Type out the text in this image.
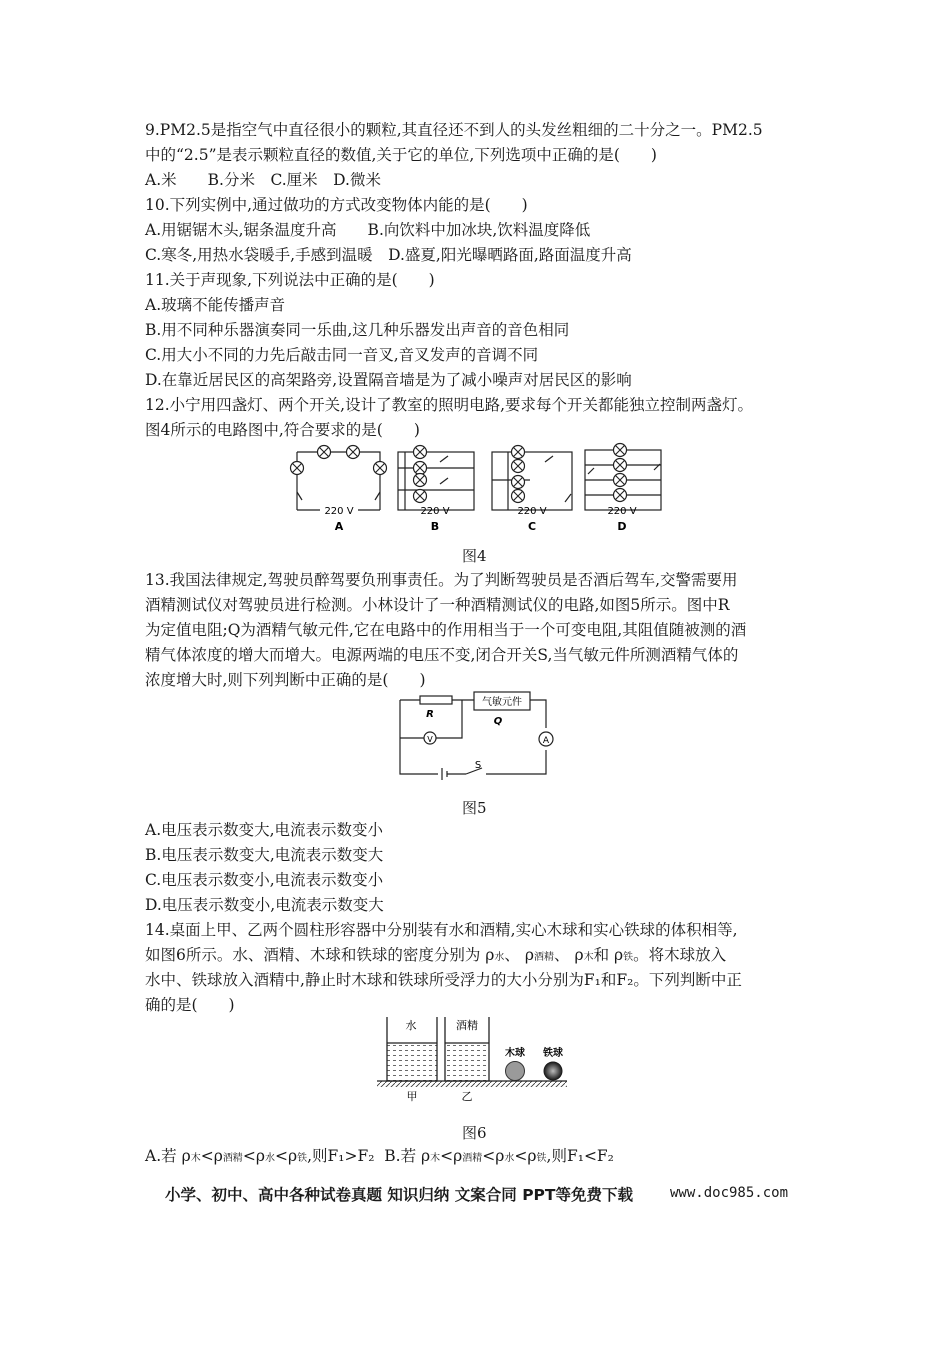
9.PM2.5是指空气中直径很小的颗粒,其直径还不到人的头发丝粗细的二十分之一。PM2.5
中的“2.5”是表示颗粒直径的数值,关于它的单位,下列选项中正确的是(　　)
A.米　　B.分米　C.厘米　D.微米
10.下列实例中,通过做功的方式改变物体内能的是(　　)
A.用锯锯木头,锯条温度升高　　B.向饮料中加冰块,饮料温度降低
C.寒冬,用热水袋暖手,手感到温暖　D.盛夏,阳光曝晒路面,路面温度升高
11.关于声现象,下列说法中正确的是(　　)
A.玻璃不能传播声音
B.用不同种乐器演奏同一乐曲,这几种乐器发出声音的音色相同
C.用大小不同的力先后敲击同一音叉,音叉发声的音调不同
D.在靠近居民区的高架路旁,设置隔音墙是为了减小噪声对居民区的影响
12.小宁用四盏灯、两个开关,设计了教室的照明电路,要求每个开关都能独立控制两盏灯。
图4所示的电路图中,符合要求的是(　　)
220 V
A
220 V
B
220 V
C
220 V
D
图4
13.我国法律规定,驾驶员醉驾要负刑事责任。为了判断驾驶员是否酒后驾车,交警需要用
酒精测试仪对驾驶员进行检测。小林设计了一种酒精测试仪的电路,如图5所示。图中R
为定值电阻;Q为酒精气敏元件,它在电路中的作用相当于一个可变电阻,其阻值随被测的酒
精气体浓度的增大而增大。电源两端的电压不变,闭合开关S,当气敏元件所测酒精气体的
浓度增大时,则下列判断中正确的是(　　)
R
气敏元件
Q
V	A
S
图5
A.电压表示数变大,电流表示数变小
B.电压表示数变大,电流表示数变大
C.电压表示数变小,电流表示数变小
D.电压表示数变小,电流表示数变大
14.桌面上甲、乙两个圆柱形容器中分别装有水和酒精,实心木球和实心铁球的体积相等,
如图6所示。水、酒精、木球和铁球的密度分别为 ρ水、 ρ酒精、 ρ木和 ρ铁。将木球放入
水中、铁球放入酒精中,静止时木球和铁球所受浮力的大小分别为F₁和F₂。下列判断中正
确的是(　　)
水	酒精
木球 铁球
甲	乙
图6
A.若 ρ木<ρ酒精<ρ水<ρ铁,则F₁>F₂ B.若 ρ木<ρ酒精<ρ水<ρ铁,则F₁<F₂
小学、初中、高中各种试卷真题 知识归纳 文案合同 PPT等免费下载	www.doc985.com
